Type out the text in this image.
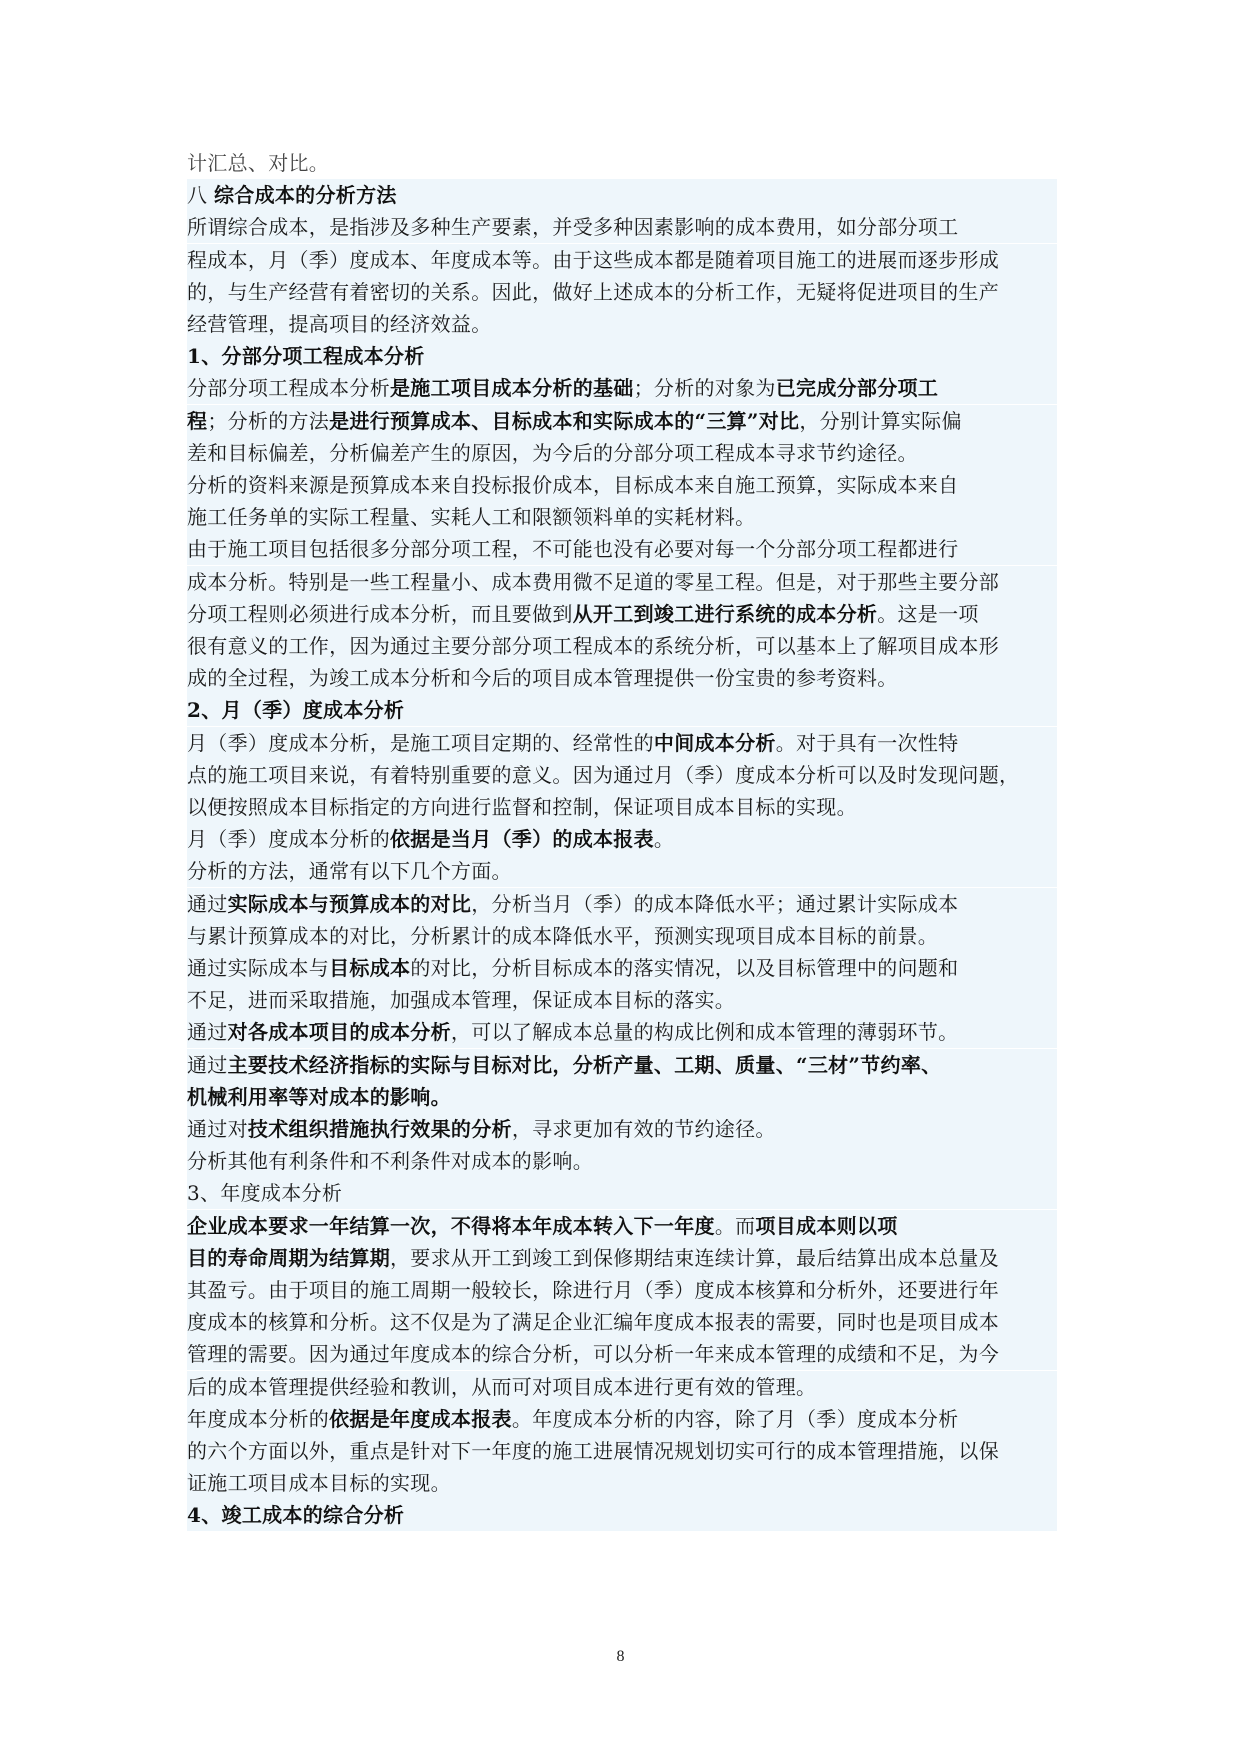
计汇总、对比。
八 综合成本的分析方法
所谓综合成本，是指涉及多种生产要素，并受多种因素影响的成本费用，如分部分项工
程成本，月（季）度成本、年度成本等。由于这些成本都是随着项目施工的进展而逐步形成
的，与生产经营有着密切的关系。因此，做好上述成本的分析工作，无疑将促进项目的生产
经营管理，提高项目的经济效益。
1、分部分项工程成本分析
分部分项工程成本分析是施工项目成本分析的基础；分析的对象为已完成分部分项工
程；分析的方法是进行预算成本、目标成本和实际成本的“三算”对比，分别计算实际偏
差和目标偏差，分析偏差产生的原因，为今后的分部分项工程成本寻求节约途径。
分析的资料来源是预算成本来自投标报价成本，目标成本来自施工预算，实际成本来自
施工任务单的实际工程量、实耗人工和限额领料单的实耗材料。
由于施工项目包括很多分部分项工程，不可能也没有必要对每一个分部分项工程都进行
成本分析。特别是一些工程量小、成本费用微不足道的零星工程。但是，对于那些主要分部
分项工程则必须进行成本分析，而且要做到从开工到竣工进行系统的成本分析。这是一项
很有意义的工作，因为通过主要分部分项工程成本的系统分析，可以基本上了解项目成本形
成的全过程，为竣工成本分析和今后的项目成本管理提供一份宝贵的参考资料。
2、月（季）度成本分析
月（季）度成本分析，是施工项目定期的、经常性的中间成本分析。对于具有一次性特
点的施工项目来说，有着特别重要的意义。因为通过月（季）度成本分析可以及时发现问题，
以便按照成本目标指定的方向进行监督和控制，保证项目成本目标的实现。
月（季）度成本分析的依据是当月（季）的成本报表。
分析的方法，通常有以下几个方面。
通过实际成本与预算成本的对比，分析当月（季）的成本降低水平；通过累计实际成本
与累计预算成本的对比，分析累计的成本降低水平，预测实现项目成本目标的前景。
通过实际成本与目标成本的对比，分析目标成本的落实情况，以及目标管理中的问题和
不足，进而采取措施，加强成本管理，保证成本目标的落实。
通过对各成本项目的成本分析，可以了解成本总量的构成比例和成本管理的薄弱环节。
通过主要技术经济指标的实际与目标对比，分析产量、工期、质量、“三材”节约率、
机械利用率等对成本的影响。
通过对技术组织措施执行效果的分析，寻求更加有效的节约途径。
分析其他有利条件和不利条件对成本的影响。
3、年度成本分析
企业成本要求一年结算一次，不得将本年成本转入下一年度。而项目成本则以项
目的寿命周期为结算期，要求从开工到竣工到保修期结束连续计算，最后结算出成本总量及
其盈亏。由于项目的施工周期一般较长，除进行月（季）度成本核算和分析外，还要进行年
度成本的核算和分析。这不仅是为了满足企业汇编年度成本报表的需要，同时也是项目成本
管理的需要。因为通过年度成本的综合分析，可以分析一年来成本管理的成绩和不足，为今
后的成本管理提供经验和教训，从而可对项目成本进行更有效的管理。
年度成本分析的依据是年度成本报表。年度成本分析的内容，除了月（季）度成本分析
的六个方面以外，重点是针对下一年度的施工进展情况规划切实可行的成本管理措施，以保
证施工项目成本目标的实现。
4、竣工成本的综合分析
8
